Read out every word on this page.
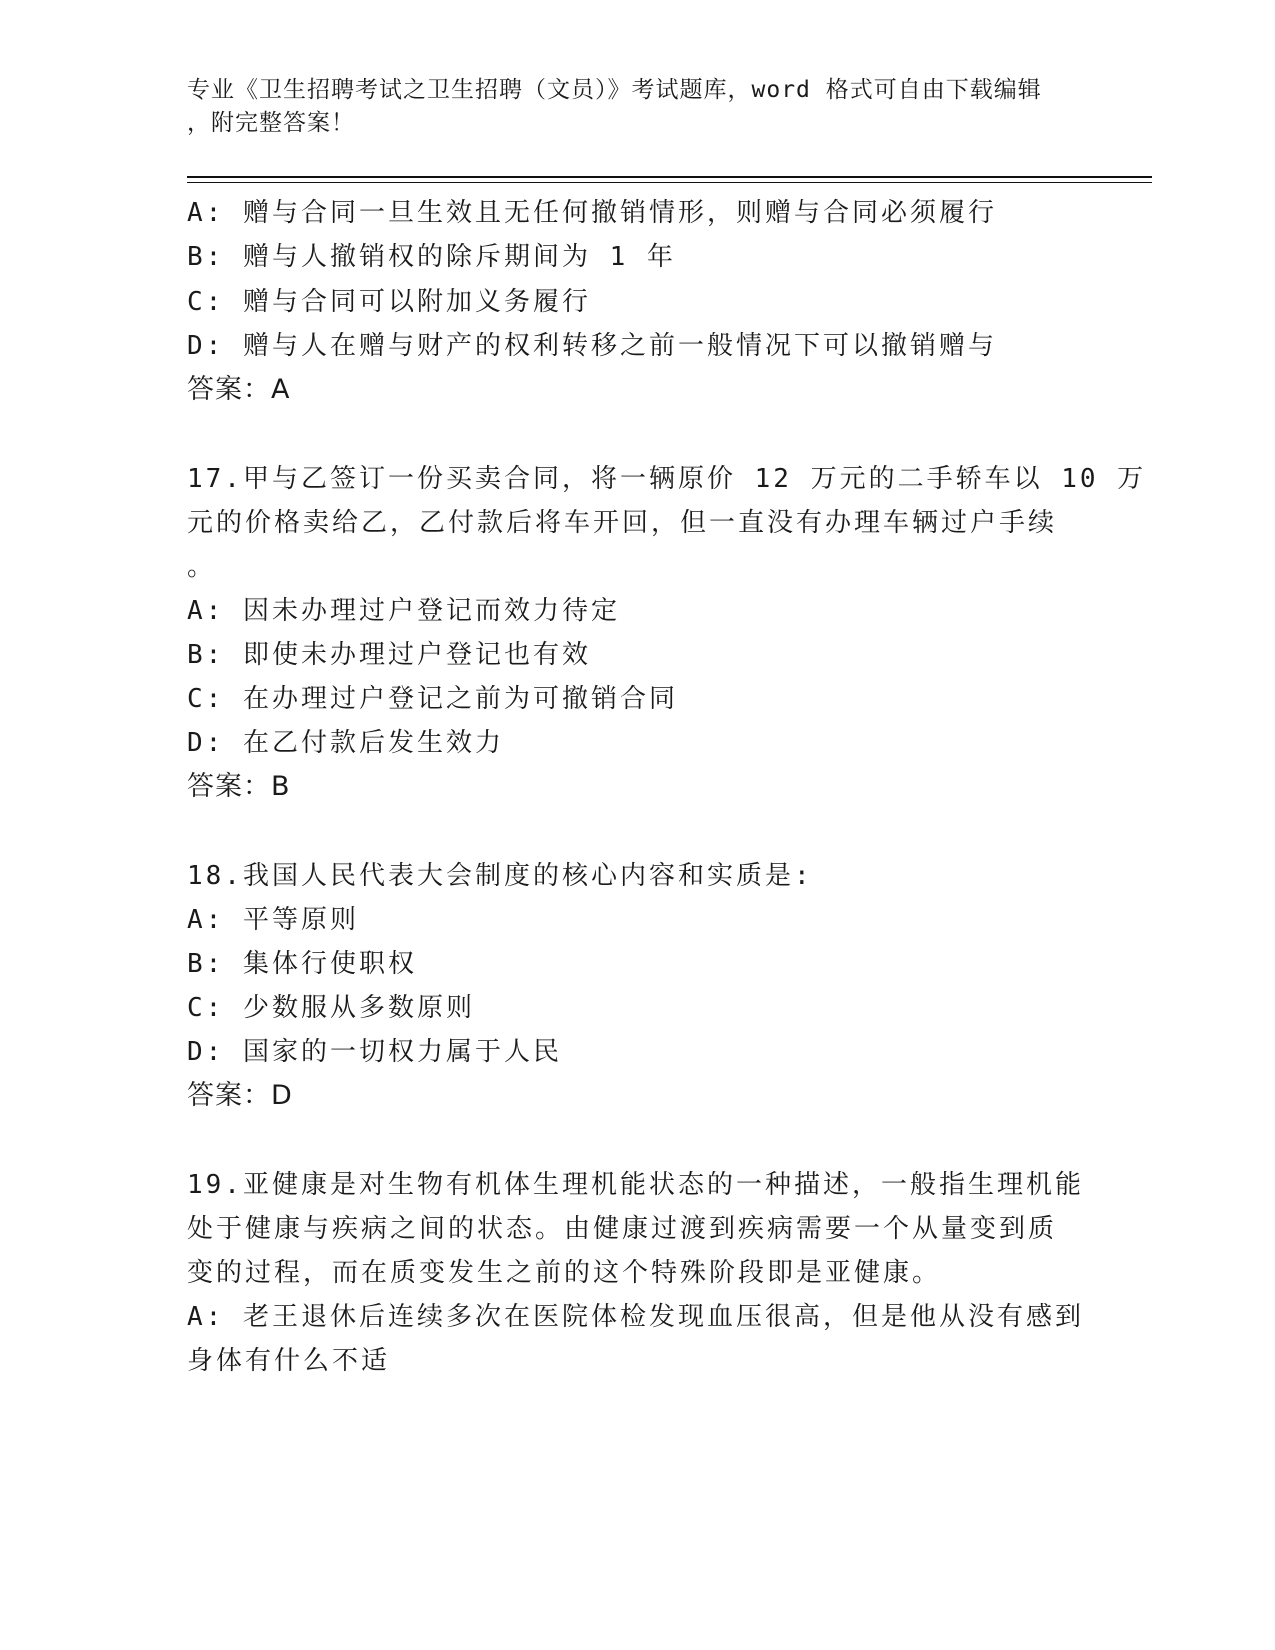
专业《卫生招聘考试之卫生招聘（文员）》考试题库，word 格式可自由下载编辑
，附完整答案！
A: 赠与合同一旦生效且无任何撤销情形，则赠与合同必须履行
B: 赠与人撤销权的除斥期间为 1 年
C: 赠与合同可以附加义务履行
D: 赠与人在赠与财产的权利转移之前一般情况下可以撤销赠与
答案：A
17.甲与乙签订一份买卖合同，将一辆原价 12 万元的二手轿车以 10 万
元的价格卖给乙，乙付款后将车开回，但一直没有办理车辆过户手续
。
A: 因未办理过户登记而效力待定
B: 即使未办理过户登记也有效
C: 在办理过户登记之前为可撤销合同
D: 在乙付款后发生效力
答案：B
18.我国人民代表大会制度的核心内容和实质是:
A: 平等原则
B: 集体行使职权
C: 少数服从多数原则
D: 国家的一切权力属于人民
答案：D
19.亚健康是对生物有机体生理机能状态的一种描述，一般指生理机能
处于健康与疾病之间的状态。由健康过渡到疾病需要一个从量变到质
变的过程，而在质变发生之前的这个特殊阶段即是亚健康。
A: 老王退休后连续多次在医院体检发现血压很高，但是他从没有感到
身体有什么不适
